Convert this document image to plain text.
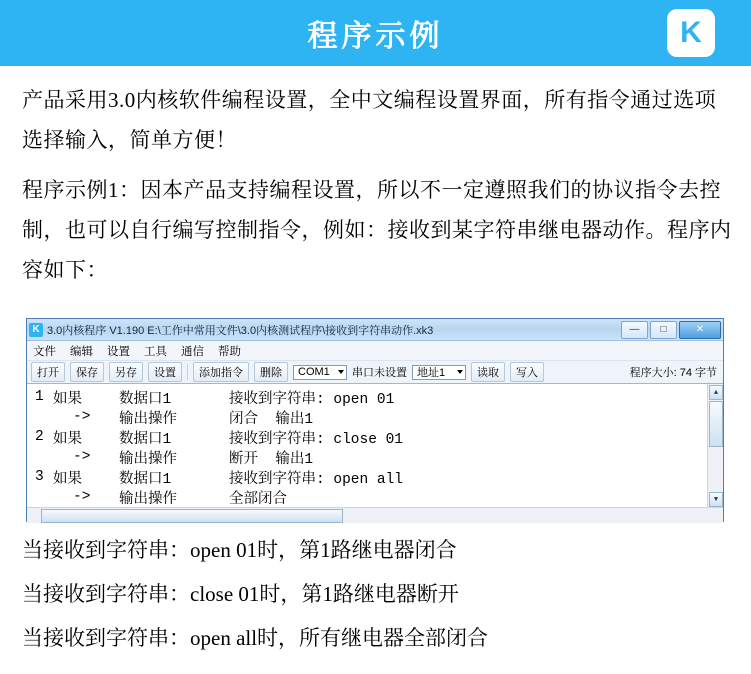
程序示例	K
产品采用3.0内核软件编程设置，全中文编程设置界面，所有指令通过选项选择输入，简单方便！
程序示例1：因本产品支持编程设置，所以不一定遵照我们的协议指令去控制，也可以自行编写控制指令，例如：接收到某字符串继电器动作。程序内容如下：
K 3.0内核程序 V1.190 E:\工作中常用文件\3.0内核测试程序\接收到字符串动作.xk3	—	□	✕
文件 编辑 设置 工具 通信 帮助
打开	保存	另存	设置	添加指令	删除	COM1 串口未设置 地址1	读取	写入	程序大小: 74 字节
1 如果	数据口1	接收到字符串: open 01
->	输出操作	闭合  输出1
2 如果	数据口1	接收到字符串: close 01
->	输出操作	断开  输出1
3 如果	数据口1	接收到字符串: open all
->	输出操作	全部闭合
▲
▼
当接收到字符串：open 01时，第1路继电器闭合
当接收到字符串：close 01时，第1路继电器断开
当接收到字符串：open all时，所有继电器全部闭合
